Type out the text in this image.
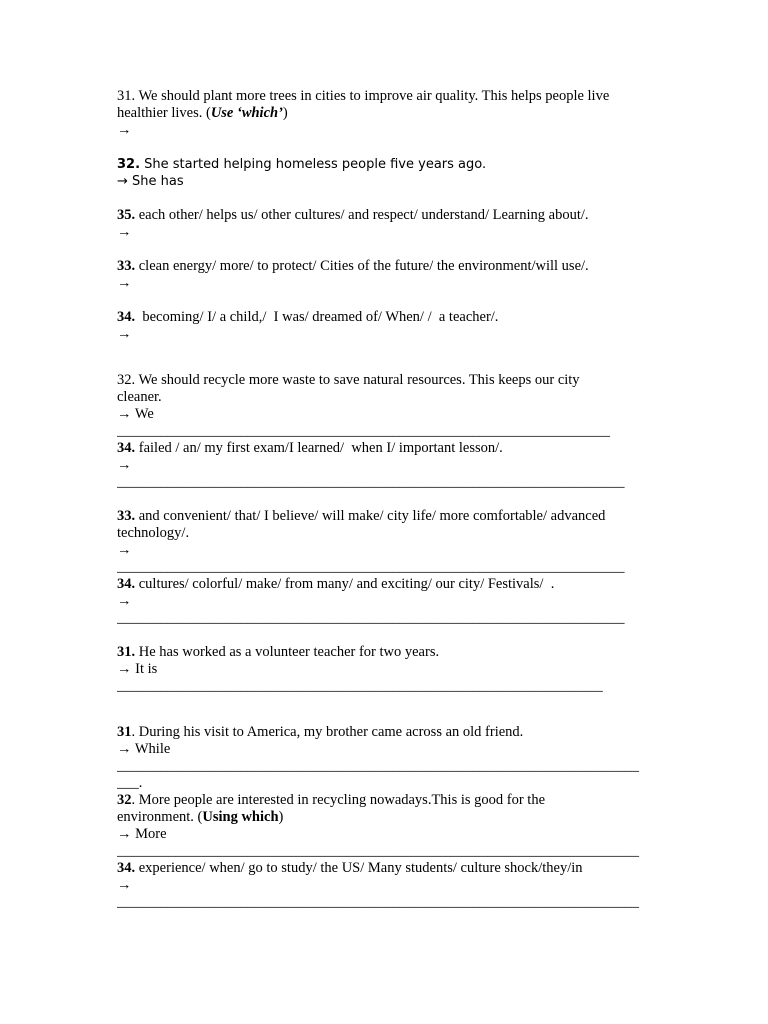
31. We should plant more trees in cities to improve air quality. This helps people live
healthier lives. (Use ‘which’)
→
32. She started helping homeless people five years ago.
→ She has
35. each other/ helps us/ other cultures/ and respect/ understand/ Learning about/.
→
33. clean energy/ more/ to protect/ Cities of the future/ the environment/will use/.
→
34.  becoming/ I/ a child,/  I was/ dreamed of/ When/ /  a teacher/.
→
32. We should recycle more waste to save natural resources. This keeps our city
cleaner.
→ We
____________________________________________________________________
34. failed / an/ my first exam/I learned/  when I/ important lesson/.
→
______________________________________________________________________
33. and convenient/ that/ I believe/ will make/ city life/ more comfortable/ advanced
technology/.
→
______________________________________________________________________
34. cultures/ colorful/ make/ from many/ and exciting/ our city/ Festivals/  .
→
______________________________________________________________________
31. He has worked as a volunteer teacher for two years.
→ It is
___________________________________________________________________
31. During his visit to America, my brother came across an old friend.
→ While
________________________________________________________________________
___.
32. More people are interested in recycling nowadays.This is good for the
environment. (Using which)
→ More
________________________________________________________________________
34. experience/ when/ go to study/ the US/ Many students/ culture shock/they/in
→
________________________________________________________________________
